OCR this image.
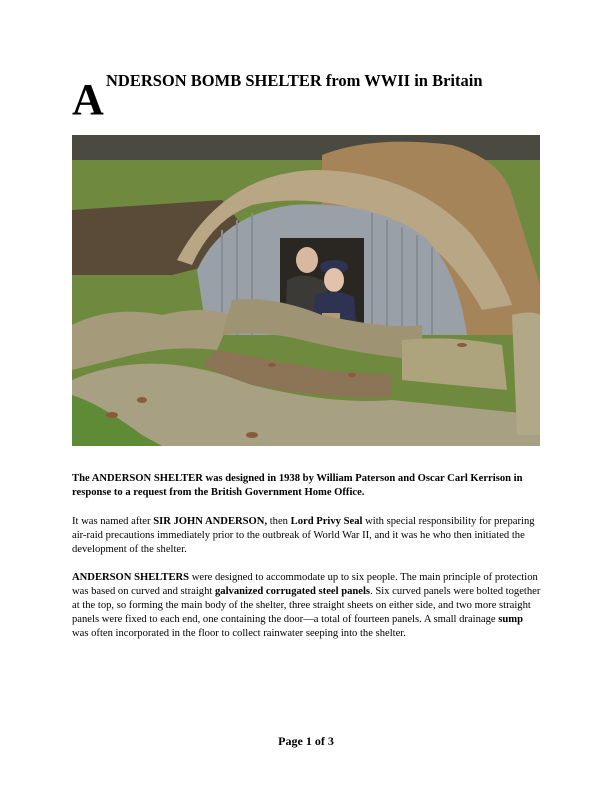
A NDERSON BOMB SHELTER from WWII in Britain

The ANDERSON SHELTER was designed in 1938 by William Paterson and Oscar Carl Kerrison in response to a request from the British Government Home Office.

It was named after SIR JOHN ANDERSON, then Lord Privy Seal with special responsibility for preparing air-raid precautions immediately prior to the outbreak of World War II, and it was he who then initiated the development of the shelter.

ANDERSON SHELTERS were designed to accommodate up to six people. The main principle of protection was based on curved and straight galvanized corrugated steel panels. Six curved panels were bolted together at the top, so forming the main body of the shelter, three straight sheets on either side, and two more straight panels were fixed to each end, one containing the door—a total of fourteen panels. A small drainage sump was often incorporated in the floor to collect rainwater seeping into the shelter.

Page 1 of 3
